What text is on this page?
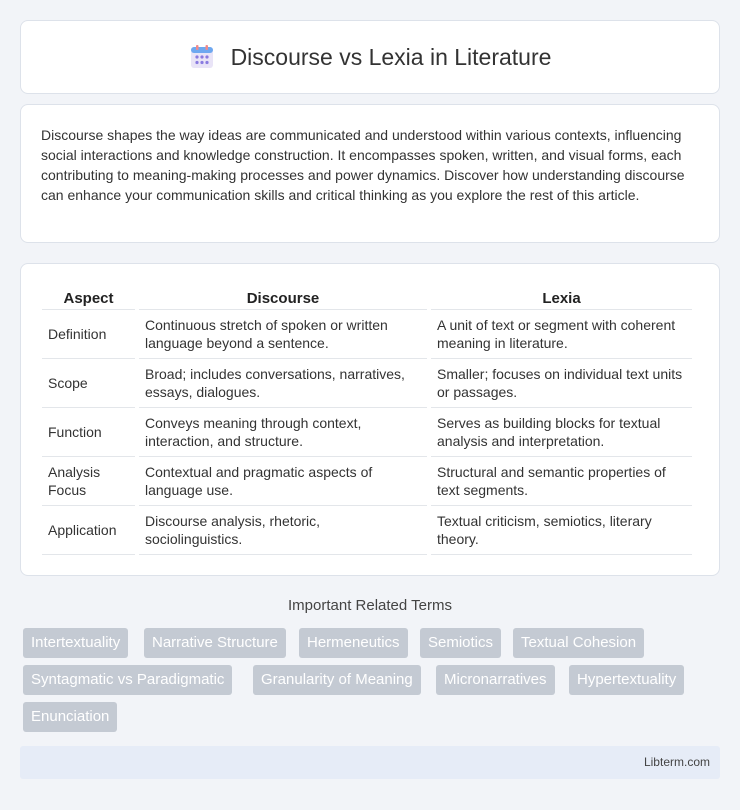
Discourse vs Lexia in Literature

Discourse shapes the way ideas are communicated and understood within various contexts, influencing social interactions and knowledge construction. It encompasses spoken, written, and visual forms, each contributing to meaning-making processes and power dynamics. Discover how understanding discourse can enhance your communication skills and critical thinking as you explore the rest of this article.

Aspect	Discourse	Lexia
Definition	Continuous stretch of spoken or written language beyond a sentence.	A unit of text or segment with coherent meaning in literature.
Scope	Broad; includes conversations, narratives, essays, dialogues.	Smaller; focuses on individual text units or passages.
Function	Conveys meaning through context, interaction, and structure.	Serves as building blocks for textual analysis and interpretation.
Analysis Focus	Contextual and pragmatic aspects of language use.	Structural and semantic properties of text segments.
Application	Discourse analysis, rhetoric, sociolinguistics.	Textual criticism, semiotics, literary theory.
Important Related Terms
Intertextuality	Narrative Structure	Hermeneutics	Semiotics	Textual Cohesion
Syntagmatic vs Paradigmatic	Granularity of Meaning	Micronarratives	Hypertextuality
Enunciation
Libterm.com
